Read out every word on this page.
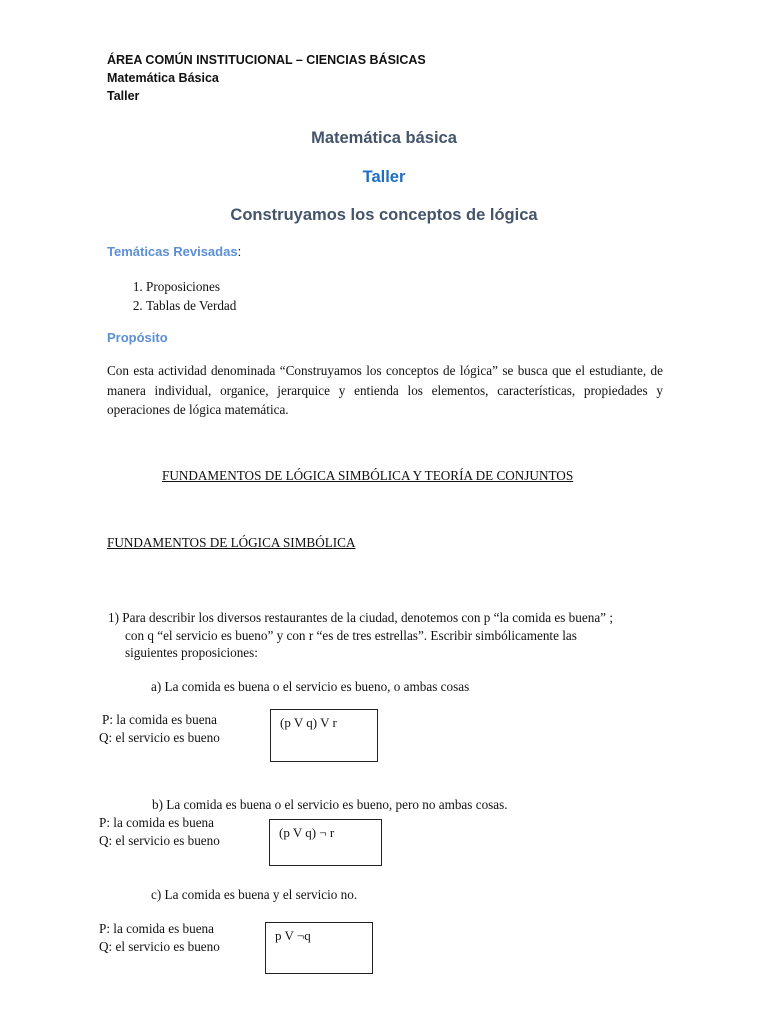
ÁREA COMÚN INSTITUCIONAL – CIENCIAS BÁSICAS
Matemática Básica
Taller
Matemática básica
Taller
Construyamos los conceptos de lógica
Temáticas Revisadas:
1. Proposiciones
2. Tablas de Verdad
Propósito
Con esta actividad denominada “Construyamos los conceptos de lógica” se busca que el estudiante, de manera individual, organice, jerarquice y entienda los elementos, características, propiedades y operaciones de lógica matemática.
FUNDAMENTOS DE LÓGICA SIMBÓLICA Y TEORÍA DE CONJUNTOS
FUNDAMENTOS DE LÓGICA SIMBÓLICA
1) Para describir los diversos restaurantes de la ciudad, denotemos con p “la comida es buena” ;
con q “el servicio es bueno” y con r “es de tres estrellas”. Escribir simbólicamente las
siguientes proposiciones:
a) La comida es buena o el servicio es bueno, o ambas cosas
P: la comida es buena
Q: el servicio es bueno
(p V q) V r
b) La comida es buena o el servicio es bueno, pero no ambas cosas.
P: la comida es buena
Q: el servicio es bueno
(p V q) ¬ r
c) La comida es buena y el servicio no.
P: la comida es buena
Q: el servicio es bueno
p V ¬q
